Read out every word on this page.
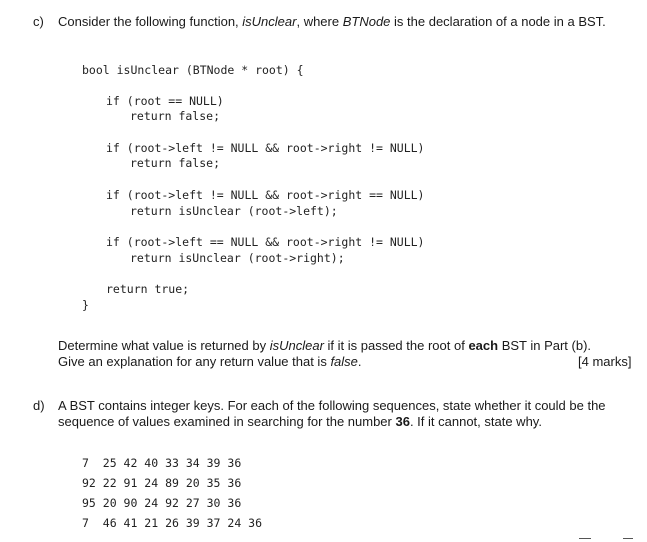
c) Consider the following function, isUnclear, where BTNode is the declaration of a node in a BST.
bool isUnclear (BTNode * root) {
if (root == NULL)
return false;
if (root->left != NULL && root->right != NULL)
return false;
if (root->left != NULL && root->right == NULL)
return isUnclear (root->left);
if (root->left == NULL && root->right != NULL)
return isUnclear (root->right);
return true;
}
Determine what value is returned by isUnclear if it is passed the root of each BST in Part (b).
Give an explanation for any return value that is false.	[4 marks]
d) A BST contains integer keys. For each of the following sequences, state whether it could be the
sequence of values examined in searching for the number 36. If it cannot, state why.
7  25 42 40 33 34 39 36
92 22 91 24 89 20 35 36
95 20 90 24 92 27 30 36
7  46 41 21 26 39 37 24 36
